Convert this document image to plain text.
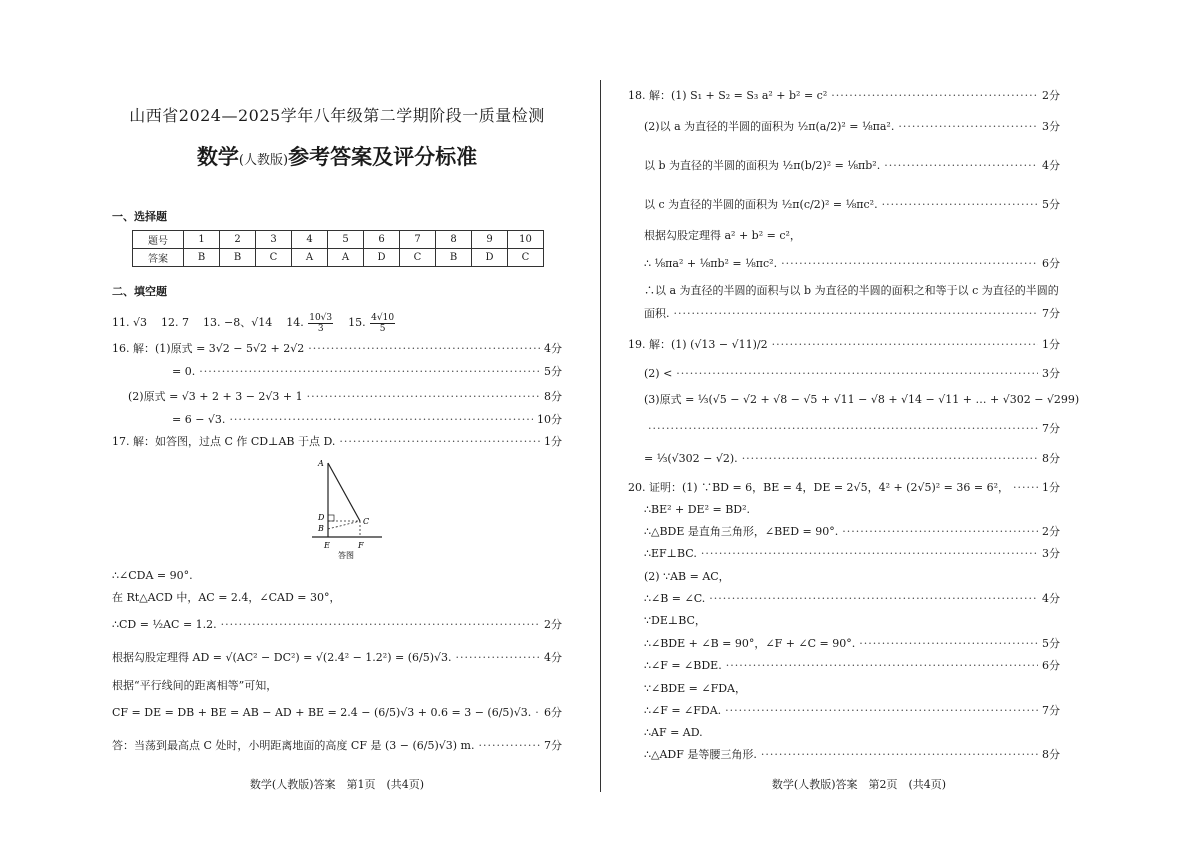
山西省2024—2025学年八年级第二学期阶段一质量检测
数学(人教版)参考答案及评分标准
一、选择题
题号	1	2	3	4	5	6	7	8	9	10
答案	B	B	C	A	A	D	C	B	D	C
二、填空题
11. √3
12. 7
13. −8、√14
14.
10√3
3
	15.
4√10
5
16. 解：(1)原式 = 3√2 − 5√2 + 2√2 ·····	4分
= 0. ·····	5分
(2)原式 = √3 + 2 + 3 − 2√3 + 1 ·····	8分
= 6 − √3. ·····	10分
17. 解：如答图，过点 C 作 CD⊥AB 于点 D. ·····	1分
A
D
B
C
E	F
答图
∴∠CDA = 90°.
在 Rt△ACD 中，AC = 2.4，∠CAD = 30°，
∴CD = ½AC = 1.2. ·····	2分
根据勾股定理得 AD = √(AC² − DC²) = √(2.4² − 1.2²) = (6/5)√3. ·····	4分
根据“平行线间的距离相等”可知，
CF = DE = DB + BE = AB − AD + BE = 2.4 − (6/5)√3 + 0.6 = 3 − (6/5)√3. ····· 6分
答：当荡到最高点 C 处时，小明距离地面的高度 CF 是 (3 − (6/5)√3) m. ·····	7分
数学(人教版)答案　第1页　(共4页)
18. 解：(1) S₁ + S₂ = S₃ a² + b² = c² ·····	2分
(2)以 a 为直径的半圆的面积为 ½π(a/2)² = ⅛πa². ·····	3分
以 b 为直径的半圆的面积为 ½π(b/2)² = ⅛πb². ·····	4分
以 c 为直径的半圆的面积为 ½π(c/2)² = ⅛πc². ·····	5分
根据勾股定理得 a² + b² = c²，
∴ ⅛πa² + ⅛πb² = ⅛πc². ·····	6分
∴以 a 为直径的半圆的面积与以 b 为直径的半圆的面积之和等于以 c 为直径的半圆的
面积. ·····	7分
19. 解：(1) (√13 − √11)/2 ·····	1分
(2) < ·····	3分
(3)原式 = ⅓(√5 − √2 + √8 − √5 + √11 − √8 + √14 − √11 + … + √302 − √299)
·····
7分
= ⅓(√302 − √2). ·····	8分
20. 证明：(1) ∵BD = 6，BE = 4，DE = 2√5，4² + (2√5)² = 36 = 6²， ·····	1分
∴BE² + DE² = BD².
∴△BDE 是直角三角形，∠BED = 90°. ·····	2分
∴EF⊥BC. ·····	3分
(2) ∵AB = AC，
∴∠B = ∠C. ·····	4分
∵DE⊥BC，
∴∠BDE + ∠B = 90°，∠F + ∠C = 90°. ·····	5分
∴∠F = ∠BDE. ·····	6分
∵∠BDE = ∠FDA，
∴∠F = ∠FDA. ·····	7分
∴AF = AD.
∴△ADF 是等腰三角形. ·····	8分
数学(人教版)答案　第2页　(共4页)
